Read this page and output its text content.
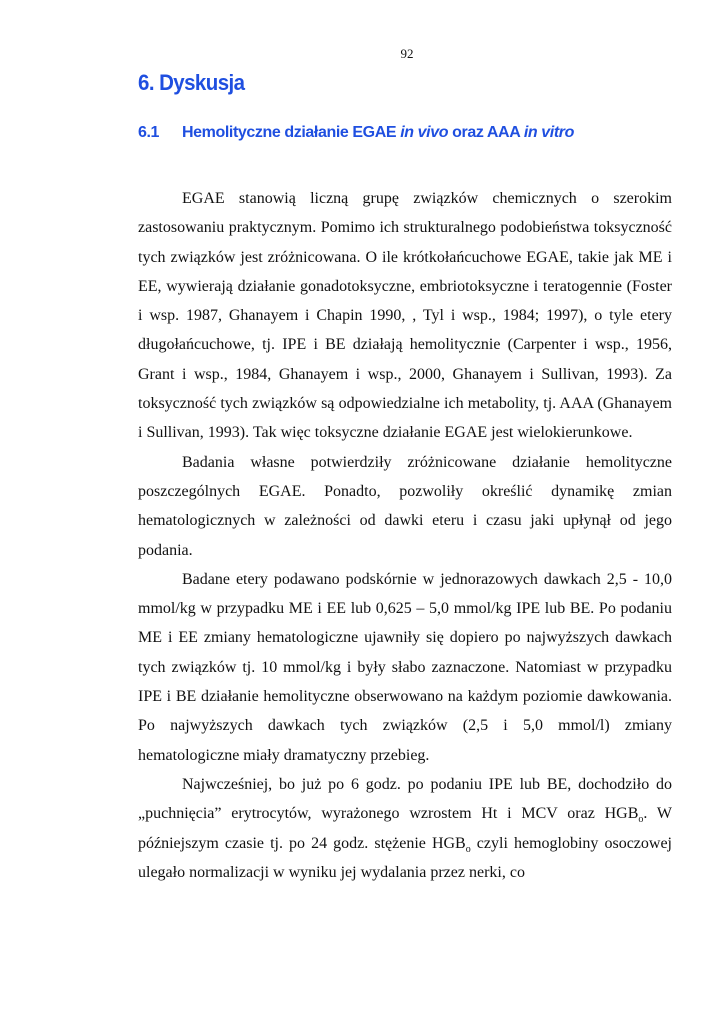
92
6. Dyskusja
6.1 Hemolityczne działanie EGAE in vivo oraz AAA in vitro

EGAE stanowią liczną grupę związków chemicznych o szerokim zastosowaniu praktycznym. Pomimo ich strukturalnego podobieństwa toksyczność tych związków jest zróżnicowana. O ile krótkołańcuchowe EGAE, takie jak ME i EE, wywierają działanie gonadotoksyczne, embriotoksyczne i teratogennie (Foster i wsp. 1987, Ghanayem i Chapin 1990, , Tyl i wsp., 1984; 1997), o tyle etery długołańcuchowe, tj. IPE i BE działają hemolitycznie (Carpenter i wsp., 1956, Grant i wsp., 1984, Ghanayem i wsp., 2000, Ghanayem i Sullivan, 1993). Za toksyczność tych związków są odpowiedzialne ich metabolity, tj. AAA (Ghanayem i Sullivan, 1993). Tak więc toksyczne działanie EGAE jest wielokierunkowe.

Badania własne potwierdziły zróżnicowane działanie hemolityczne poszczególnych EGAE. Ponadto, pozwoliły określić dynamikę zmian hematologicznych w zależności od dawki eteru i czasu jaki upłynął od jego podania.

Badane etery podawano podskórnie w jednorazowych dawkach 2,5 - 10,0 mmol/kg w przypadku ME i EE lub 0,625 – 5,0 mmol/kg IPE lub BE. Po podaniu ME i EE zmiany hematologiczne ujawniły się dopiero po najwyższych dawkach tych związków tj. 10 mmol/kg i były słabo zaznaczone. Natomiast w przypadku IPE i BE działanie hemolityczne obserwowano na każdym poziomie dawkowania. Po najwyższych dawkach tych związków (2,5 i 5,0 mmol/l) zmiany hematologiczne miały dramatyczny przebieg.

Najwcześniej, bo już po 6 godz. po podaniu IPE lub BE, dochodziło do „puchnięcia” erytrocytów, wyrażonego wzrostem Ht i MCV oraz $HGB_o$. W późniejszym czasie tj. po 24 godz. stężenie $HGB_o$ czyli hemoglobiny osoczowej ulegało normalizacji w wyniku jej wydalania przez nerki, co
